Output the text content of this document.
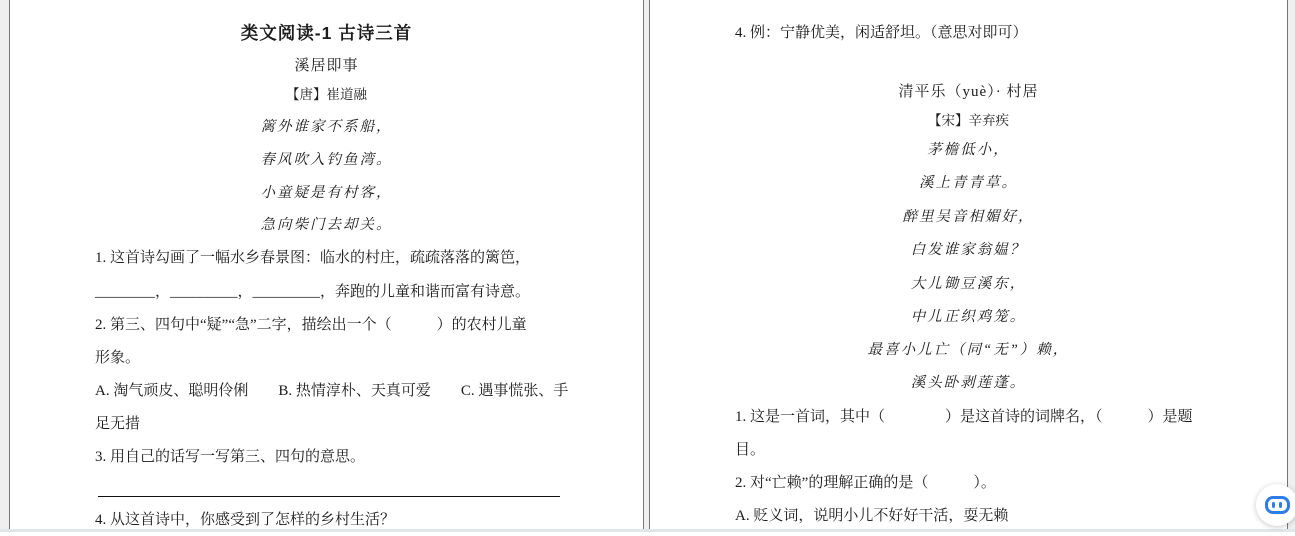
类文阅读-1 古诗三首
溪居即事
【唐】崔道融
篱外谁家不系船，
春风吹入钓鱼湾。
小童疑是有村客，
急向柴门去却关。
1. 这首诗勾画了一幅水乡春景图：临水的村庄，疏疏落落的篱笆，
________，_________，_________，奔跑的儿童和谐而富有诗意。
2. 第三、四句中“疑”“急”二字，描绘出一个（　　　）的农村儿童
形象。
A. 淘气顽皮、聪明伶俐　　B. 热情淳朴、天真可爱　　C. 遇事慌张、手
足无措
3. 用自己的话写一写第三、四句的意思。
4. 从这首诗中，你感受到了怎样的乡村生活？
4. 例：宁静优美，闲适舒坦。（意思对即可）
清平乐（yuè）· 村居
【宋】辛弃疾
茅檐低小，
溪上青青草。
醉里吴音相媚好，
白发谁家翁媪？
大儿锄豆溪东，
中儿正织鸡笼。
最喜小儿亡（同“无”）赖，
溪头卧剥莲蓬。
1. 这是一首词，其中（　　　　）是这首诗的词牌名，（　　　）是题
目。
2. 对“亡赖”的理解正确的是（　　　）。
A. 贬义词，说明小儿不好好干活，耍无赖
